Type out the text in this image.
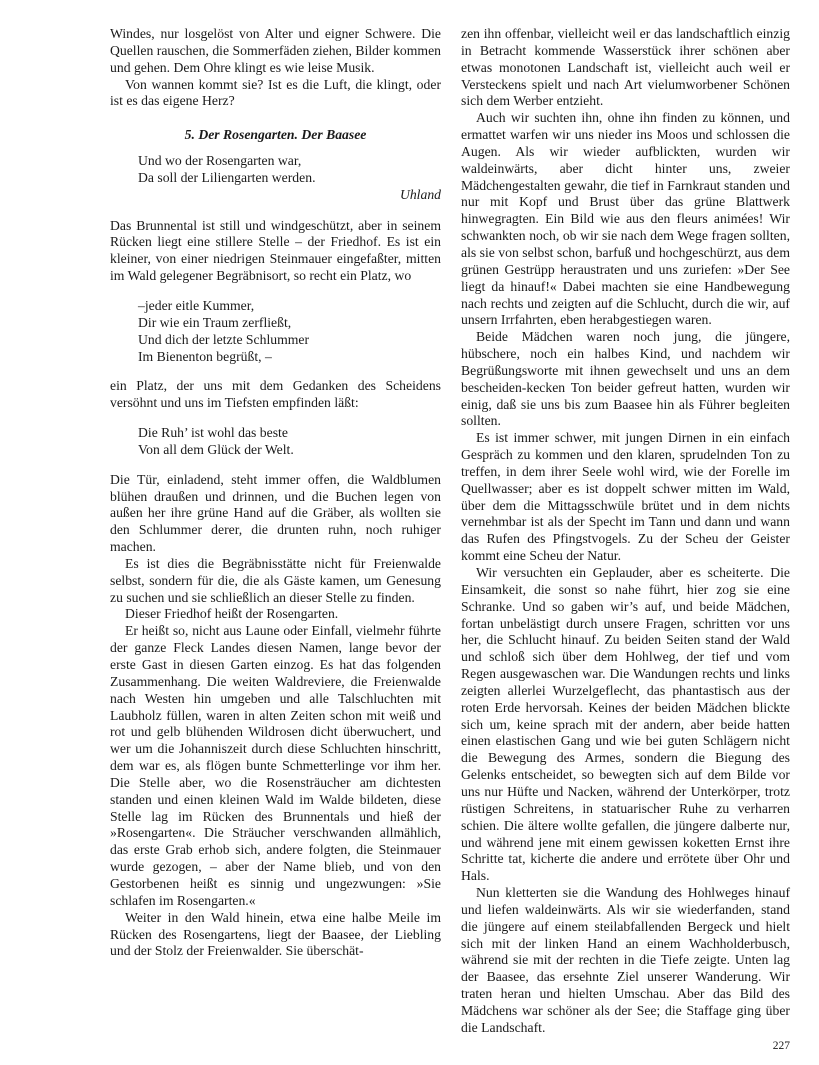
Windes, nur losgelöst von Alter und eigner Schwere. Die Quellen rauschen, die Sommerfäden ziehen, Bilder kommen und gehen. Dem Ohre klingt es wie leise Musik.

Von wannen kommt sie? Ist es die Luft, die klingt, oder ist es das eigene Herz?

5. Der Rosengarten. Der Baasee
Und wo der Rosengarten war,
Da soll der Liliengarten werden.
Uhland

Das Brunnental ist still und windgeschützt, aber in seinem Rücken liegt eine stillere Stelle – der Friedhof. Es ist ein kleiner, von einer niedrigen Steinmauer eingefaßter, mitten im Wald gelegener Begräbnisort, so recht ein Platz, wo

–jeder eitle Kummer,
Dir wie ein Traum zerfließt,
Und dich der letzte Schlummer
Im Bienenton begrüßt, –

ein Platz, der uns mit dem Gedanken des Scheidens versöhnt und uns im Tiefsten empfinden läßt:

Die Ruh’ ist wohl das beste
Von all dem Glück der Welt.

Die Tür, einladend, steht immer offen, die Waldblumen blühen draußen und drinnen, und die Buchen legen von außen her ihre grüne Hand auf die Gräber, als wollten sie den Schlummer derer, die drunten ruhn, noch ruhiger machen.

Es ist dies die Begräbnisstätte nicht für Freienwalde selbst, sondern für die, die als Gäste kamen, um Genesung zu suchen und sie schließlich an dieser Stelle zu finden.

Dieser Friedhof heißt der Rosengarten.

Er heißt so, nicht aus Laune oder Einfall, vielmehr führte der ganze Fleck Landes diesen Namen, lange bevor der erste Gast in diesen Garten einzog. Es hat das folgenden Zusammenhang. Die weiten Waldreviere, die Freienwalde nach Westen hin umgeben und alle Talschluchten mit Laubholz füllen, waren in alten Zeiten schon mit weiß und rot und gelb blühenden Wildrosen dicht überwuchert, und wer um die Johanniszeit durch diese Schluchten hinschritt, dem war es, als flögen bunte Schmetterlinge vor ihm her. Die Stelle aber, wo die Rosensträucher am dichtesten standen und einen kleinen Wald im Walde bildeten, diese Stelle lag im Rücken des Brunnentals und hieß der »Rosengarten«. Die Sträucher verschwanden allmählich, das erste Grab erhob sich, andere folgten, die Steinmauer wurde gezogen, – aber der Name blieb, und von den Gestorbenen heißt es sinnig und ungezwungen: »Sie schlafen im Rosengarten.«

Weiter in den Wald hinein, etwa eine halbe Meile im Rücken des Rosengartens, liegt der Baasee, der Liebling und der Stolz der Freienwalder. Sie überschät-

zen ihn offenbar, vielleicht weil er das landschaftlich einzig in Betracht kommende Wasserstück ihrer schönen aber etwas monotonen Landschaft ist, vielleicht auch weil er Versteckens spielt und nach Art vielumworbener Schönen sich dem Werber entzieht.

Auch wir suchten ihn, ohne ihn finden zu können, und ermattet warfen wir uns nieder ins Moos und schlossen die Augen. Als wir wieder aufblickten, wurden wir waldeinwärts, aber dicht hinter uns, zweier Mädchengestalten gewahr, die tief in Farnkraut standen und nur mit Kopf und Brust über das grüne Blattwerk hinwegragten. Ein Bild wie aus den fleurs animées! Wir schwankten noch, ob wir sie nach dem Wege fragen sollten, als sie von selbst schon, barfuß und hochgeschürzt, aus dem grünen Gestrüpp heraustraten und uns zuriefen: »Der See liegt da hinauf!« Dabei machten sie eine Handbewegung nach rechts und zeigten auf die Schlucht, durch die wir, auf unsern Irrfahrten, eben herabgestiegen waren.

Beide Mädchen waren noch jung, die jüngere, hübschere, noch ein halbes Kind, und nachdem wir Begrüßungsworte mit ihnen gewechselt und uns an dem bescheiden-kecken Ton beider gefreut hatten, wurden wir einig, daß sie uns bis zum Baasee hin als Führer begleiten sollten.

Es ist immer schwer, mit jungen Dirnen in ein einfach Gespräch zu kommen und den klaren, sprudelnden Ton zu treffen, in dem ihrer Seele wohl wird, wie der Forelle im Quellwasser; aber es ist doppelt schwer mitten im Wald, über dem die Mittagsschwüle brütet und in dem nichts vernehmbar ist als der Specht im Tann und dann und wann das Rufen des Pfingstvogels. Zu der Scheu der Geister kommt eine Scheu der Natur.

Wir versuchten ein Geplauder, aber es scheiterte. Die Einsamkeit, die sonst so nahe führt, hier zog sie eine Schranke. Und so gaben wir’s auf, und beide Mädchen, fortan unbelästigt durch unsere Fragen, schritten vor uns her, die Schlucht hinauf. Zu beiden Seiten stand der Wald und schloß sich über dem Hohlweg, der tief und vom Regen ausgewaschen war. Die Wandungen rechts und links zeigten allerlei Wurzelgeflecht, das phantastisch aus der roten Erde hervorsah. Keines der beiden Mädchen blickte sich um, keine sprach mit der andern, aber beide hatten einen elastischen Gang und wie bei guten Schlägern nicht die Bewegung des Armes, sondern die Biegung des Gelenks entscheidet, so bewegten sich auf dem Bilde vor uns nur Hüfte und Nacken, während der Unterkörper, trotz rüstigen Schreitens, in statuarischer Ruhe zu verharren schien. Die ältere wollte gefallen, die jüngere dalberte nur, und während jene mit einem gewissen koketten Ernst ihre Schritte tat, kicherte die andere und errötete über Ohr und Hals.

Nun kletterten sie die Wandung des Hohlweges hinauf und liefen waldeinwärts. Als wir sie wiederfanden, stand die jüngere auf einem steilabfallenden Bergeck und hielt sich mit der linken Hand an einem Wachholderbusch, während sie mit der rechten in die Tiefe zeigte. Unten lag der Baasee, das ersehnte Ziel unserer Wanderung. Wir traten heran und hielten Umschau. Aber das Bild des Mädchens war schöner als der See; die Staffage ging über die Landschaft.

227
